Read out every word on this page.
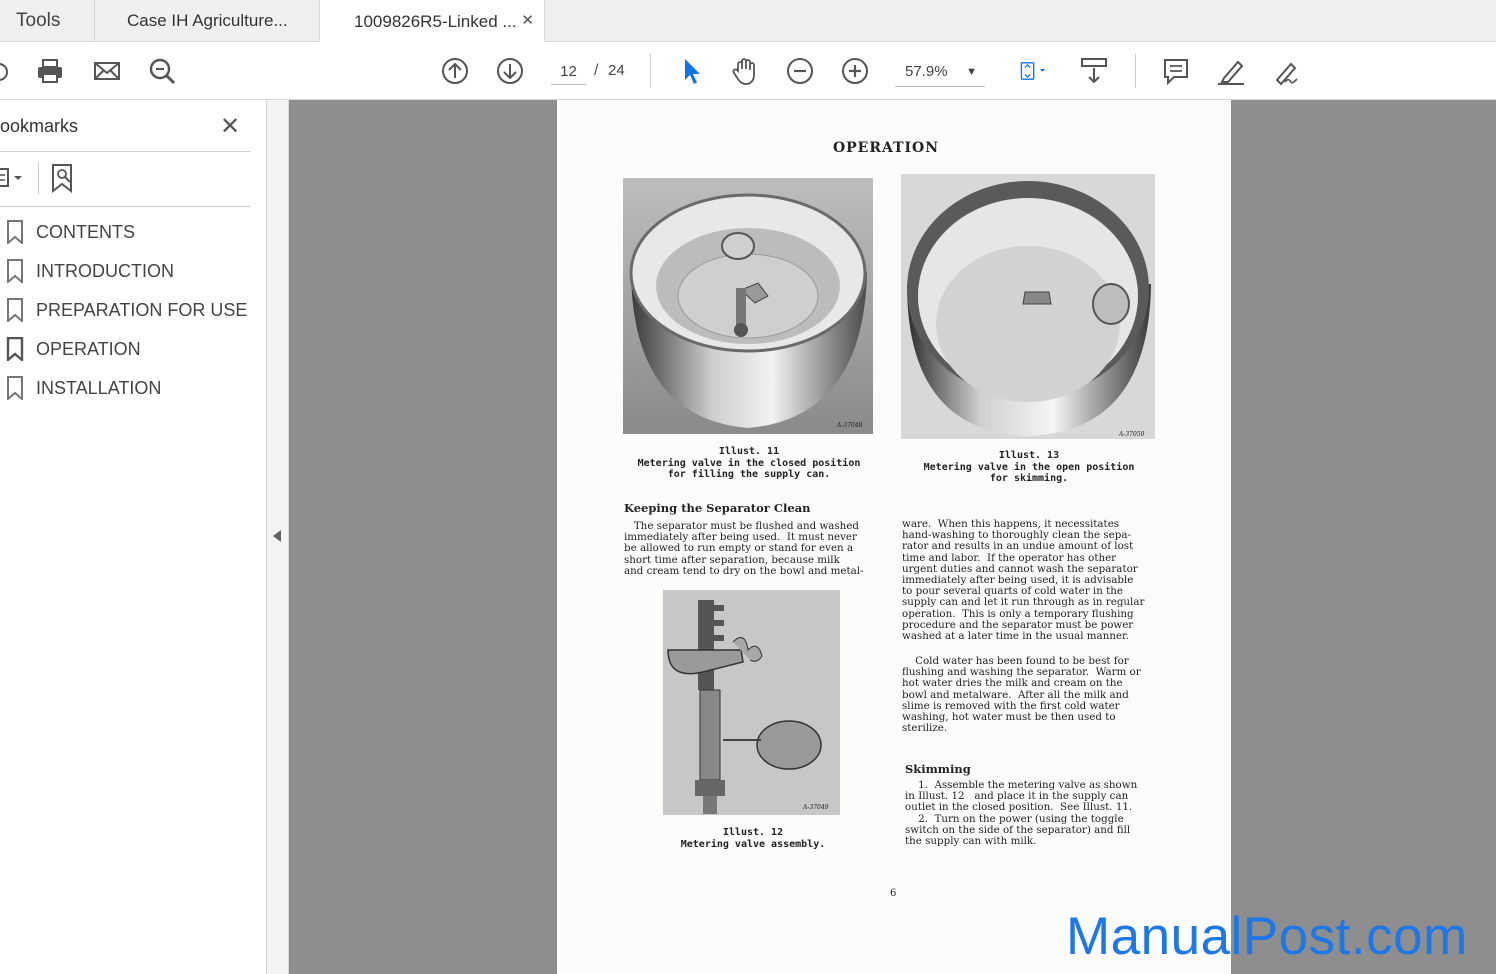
Tools	Case IH Agriculture...	1009826R5-Linked ... ✕
12	/ 24	57.9% ▼
ookmarks	✕
CONTENTS
INTRODUCTION
PREPARATION FOR USE
OPERATION
INSTALLATION
OPERATION
A-37048
Illust. 11
Metering valve in the closed position
for filling the supply can.
A-37050
Illust. 13
Metering valve in the open position
for skimming.
Keeping the Separator Clean
The separator must be flushed and washed
immediately after being used.  It must never
be allowed to run empty or stand for even a
short time after separation, because milk
and cream tend to dry on the bowl and metal-
A-37049
Illust. 12
Metering valve assembly.
ware.  When this happens, it necessitates
hand-washing to thoroughly clean the sepa-
rator and results in an undue amount of lost
time and labor.  If the operator has other
urgent duties and cannot wash the separator
immediately after being used, it is advisable
to pour several quarts of cold water in the
supply can and let it run through as in regular
operation.  This is only a temporary flushing
procedure and the separator must be power
washed at a later time in the usual manner.
Cold water has been found to be best for
flushing and washing the separator.  Warm or
hot water dries the milk and cream on the
bowl and metalware.  After all the milk and
slime is removed with the first cold water
washing, hot water must be then used to
sterilize.
Skimming
1.  Assemble the metering valve as shown
in Illust. 12   and place it in the supply can
outlet in the closed position.  See Illust. 11.
2.  Turn on the power (using the toggle
switch on the side of the separator) and fill
the supply can with milk.
6
ManualPost.com
